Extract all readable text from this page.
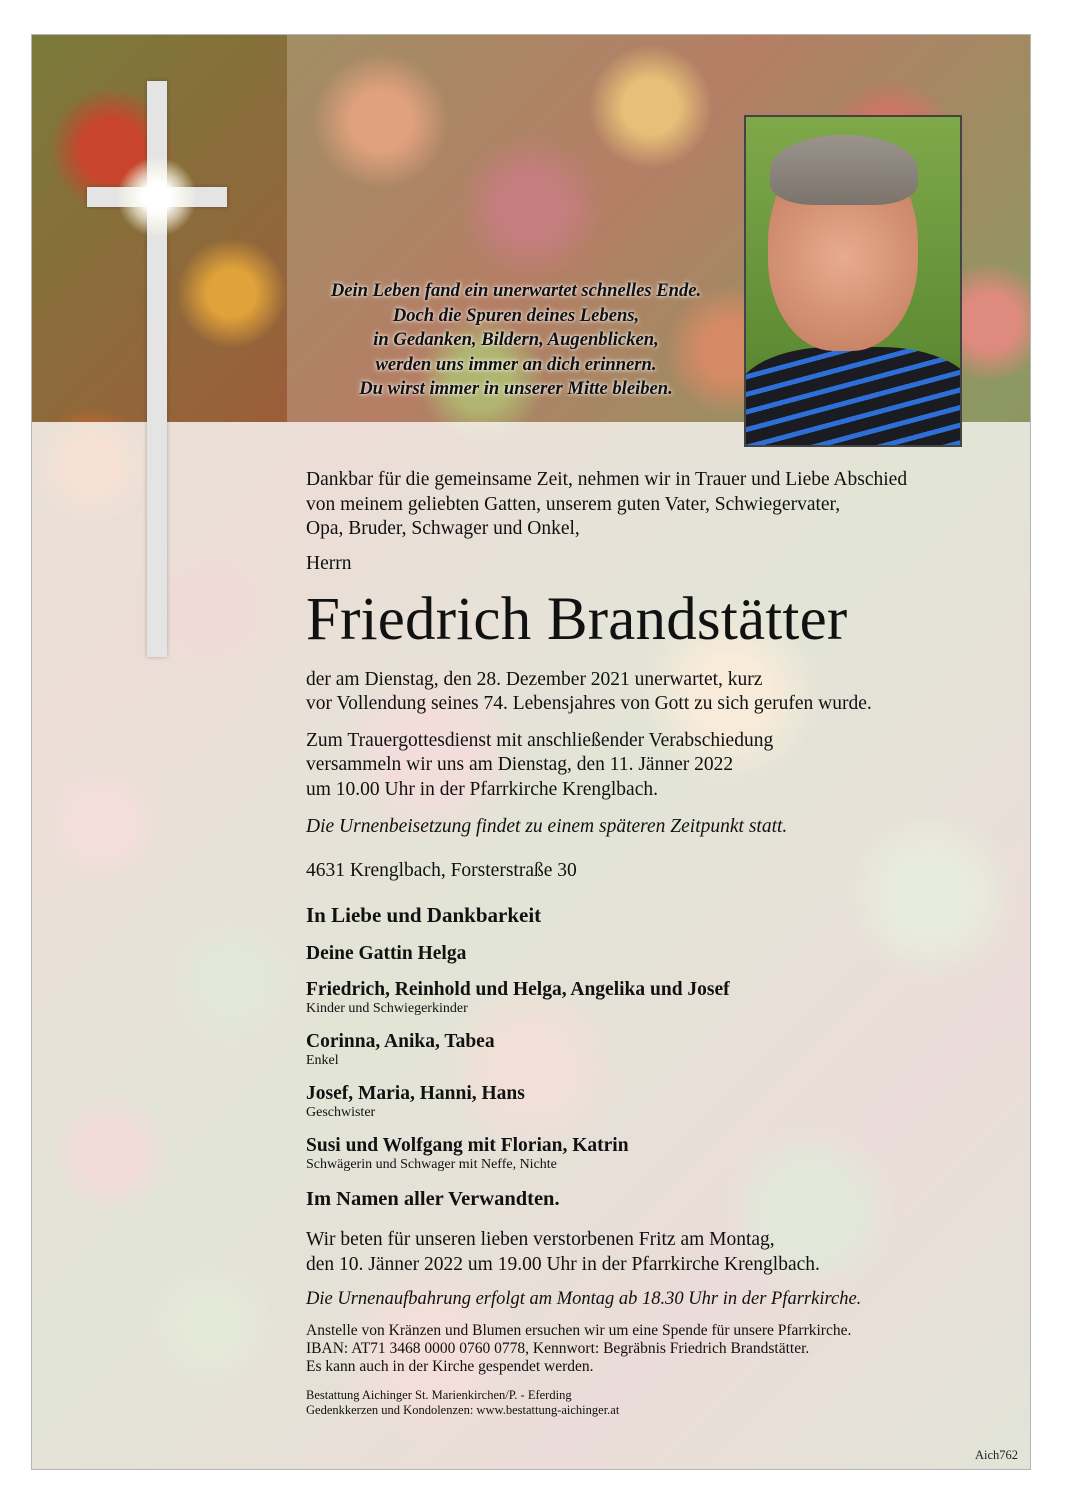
Dein Leben fand ein unerwartet schnelles Ende.
Doch die Spuren deines Lebens,
in Gedanken, Bildern, Augenblicken,
werden uns immer an dich erinnern.
Du wirst immer in unserer Mitte bleiben.
Dankbar für die gemeinsame Zeit, nehmen wir in Trauer und Liebe Abschied
von meinem geliebten Gatten, unserem guten Vater, Schwiegervater,
Opa, Bruder, Schwager und Onkel,
Herrn
Friedrich Brandstätter
der am Dienstag, den 28. Dezember 2021 unerwartet, kurz
vor Vollendung seines 74. Lebensjahres von Gott zu sich gerufen wurde.
Zum Trauergottesdienst mit anschließender Verabschiedung
versammeln wir uns am Dienstag, den 11. Jänner 2022
um 10.00 Uhr in der Pfarrkirche Krenglbach.
Die Urnenbeisetzung findet zu einem späteren Zeitpunkt statt.
4631 Krenglbach, Forsterstraße 30
In Liebe und Dankbarkeit
Deine Gattin Helga
Friedrich, Reinhold und Helga, Angelika und Josef
Kinder und Schwiegerkinder
Corinna, Anika, Tabea
Enkel
Josef, Maria, Hanni, Hans
Geschwister
Susi und Wolfgang mit Florian, Katrin
Schwägerin und Schwager mit Neffe, Nichte
Im Namen aller Verwandten.
Wir beten für unseren lieben verstorbenen Fritz am Montag,
den 10. Jänner 2022 um 19.00 Uhr in der Pfarrkirche Krenglbach.
Die Urnenaufbahrung erfolgt am Montag ab 18.30 Uhr in der Pfarrkirche.
Anstelle von Kränzen und Blumen ersuchen wir um eine Spende für unsere Pfarrkirche.
IBAN: AT71 3468 0000 0760 0778, Kennwort: Begräbnis Friedrich Brandstätter.
Es kann auch in der Kirche gespendet werden.
Bestattung Aichinger St. Marienkirchen/P. - Eferding
Gedenkkerzen und Kondolenzen: www.bestattung-aichinger.at
Aich762
